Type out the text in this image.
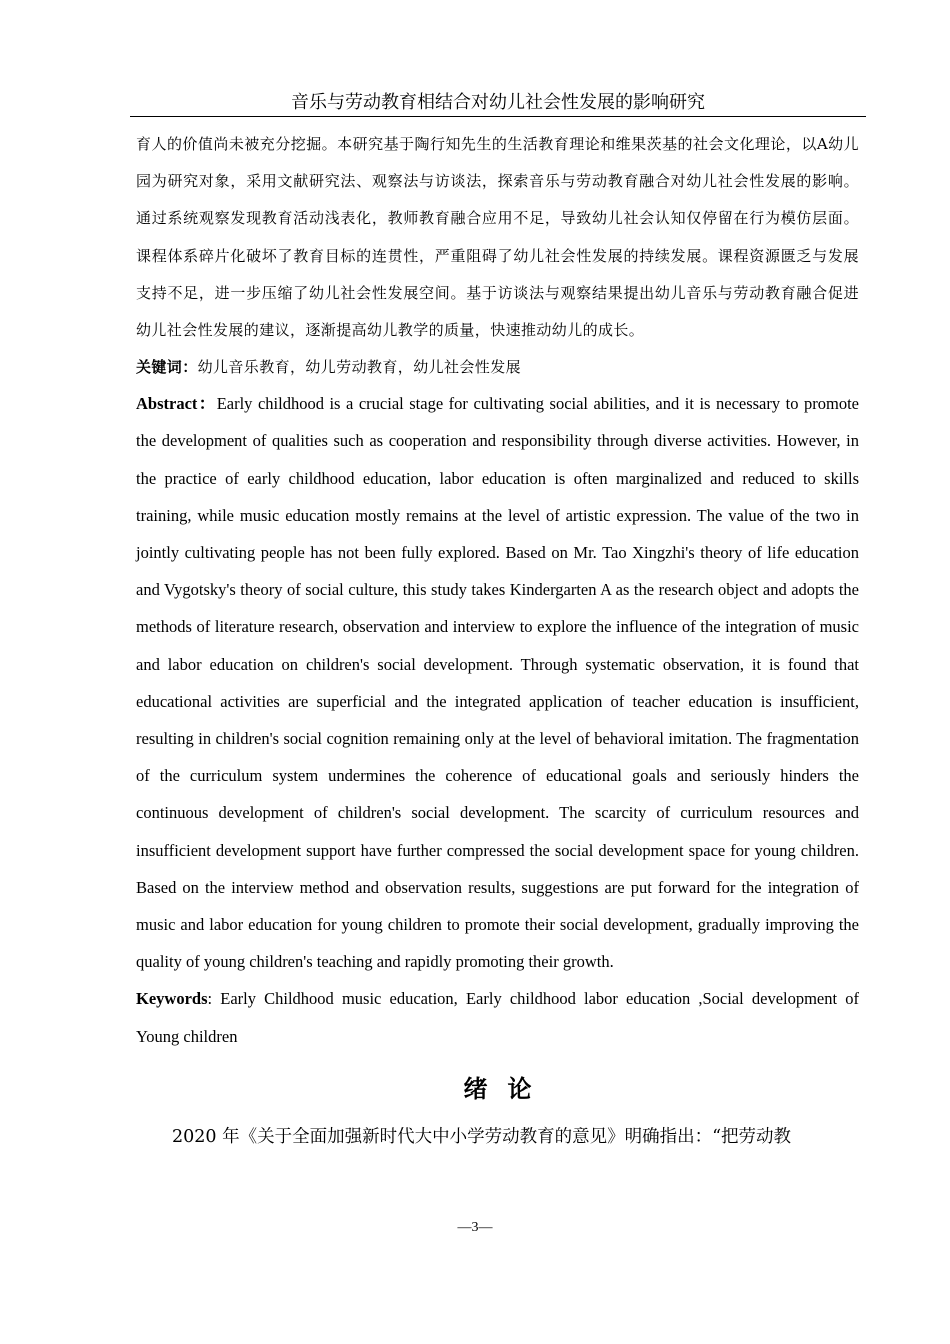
音乐与劳动教育相结合对幼儿社会性发展的影响研究

育人的价值尚未被充分挖掘。本研究基于陶行知先生的生活教育理论和维果茨基的社会文化理论，以A幼儿园为研究对象，采用文献研究法、观察法与访谈法，探索音乐与劳动教育融合对幼儿社会性发展的影响。通过系统观察发现教育活动浅表化，教师教育融合应用不足，导致幼儿社会认知仅停留在行为模仿层面。课程体系碎片化破坏了教育目标的连贯性，严重阻碍了幼儿社会性发展的持续发展。课程资源匮乏与发展支持不足，进一步压缩了幼儿社会性发展空间。基于访谈法与观察结果提出幼儿音乐与劳动教育融合促进幼儿社会性发展的建议，逐渐提高幼儿教学的质量，快速推动幼儿的成长。

关键词：幼儿音乐教育，幼儿劳动教育，幼儿社会性发展

Abstract：Early childhood is a crucial stage for cultivating social abilities, and it is necessary to promote the development of qualities such as cooperation and responsibility through diverse activities. However, in the practice of early childhood education, labor education is often marginalized and reduced to skills training, while music education mostly remains at the level of artistic expression. The value of the two in jointly cultivating people has not been fully explored. Based on Mr. Tao Xingzhi's theory of life education and Vygotsky's theory of social culture, this study takes Kindergarten A as the research object and adopts the methods of literature research, observation and interview to explore the influence of the integration of music and labor education on children's social development. Through systematic observation, it is found that educational activities are superficial and the integrated application of teacher education is insufficient, resulting in children's social cognition remaining only at the level of behavioral imitation. The fragmentation of the curriculum system undermines the coherence of educational goals and seriously hinders the continuous development of children's social development. The scarcity of curriculum resources and insufficient development support have further compressed the social development space for young children. Based on the interview method and observation results, suggestions are put forward for the integration of music and labor education for young children to promote their social development, gradually improving the quality of young children's teaching and rapidly promoting their growth.

Keywords: Early Childhood music education, Early childhood labor education ,Social development of Young children

绪论

2020 年《关于全面加强新时代大中小学劳动教育的意见》明确指出：“把劳动教

—3—
